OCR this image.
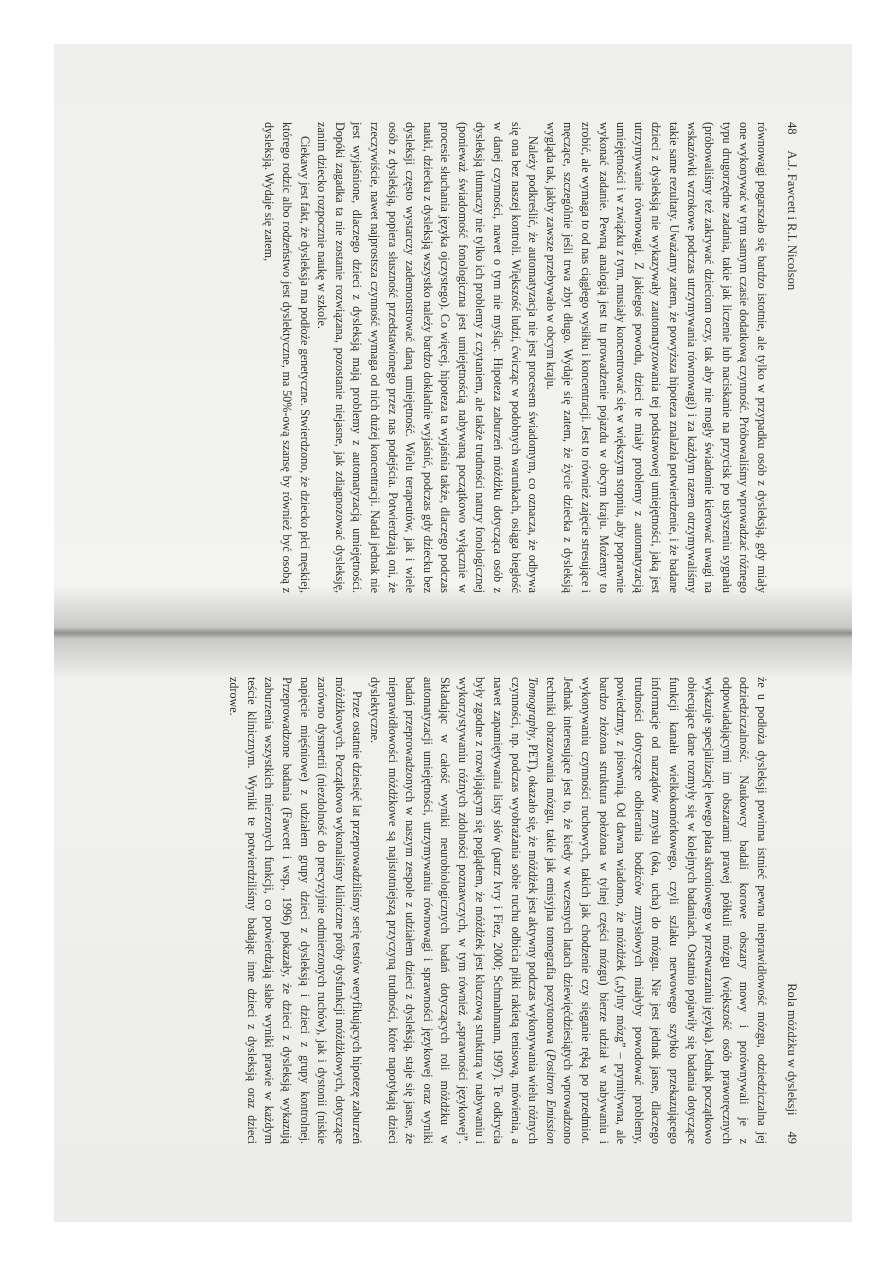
48
A.J. Fawcett i R.I. Nicolson

równowagi pogarszało się bardzo istotnie, ale tylko w przypadku osób z dysleksją, gdy miały one wykonywać w tym samym czasie dodatkową czynność. Próbowaliśmy wprowadzać różnego typu drugorzędne zadania, takie jak liczenie lub naciskanie na przycisk po usłyszeniu sygnału (próbowaliśmy też zakrywać dzieciom oczy, tak aby nie mogły świadomie kierować uwagi na wskazówki wzrokowe podczas utrzymywania równowagi) i za każdym razem otrzymywaliśmy takie same rezultaty. Uważamy zatem, że powyższa hipoteza znalazła potwierdzenie, i że badane dzieci z dysleksją nie wykazywały zautomatyzowania tej podstawowej umiejętności, jaką jest utrzymywanie równowagi. Z jakiegoś powodu, dzieci te miały problemy z automatyzacją umiejętności i w związku z tym, musiały koncentrować się w większym stopniu, aby poprawnie wykonać zadanie. Pewną analogią jest tu prowadzenie pojazdu w obcym kraju. Możemy to zrobić, ale wymaga to od nas ciągłego wysiłku i koncentracji. Jest to również zajęcie stresujące i męczące, szczególnie jeśli trwa zbyt długo. Wydaje się zatem, że życie dziecka z dysleksją wygląda tak, jakby zawsze przebywało w obcym kraju.

Należy podkreślić, że automatyzacja nie jest procesem świadomym, co oznacza, że odbywa się ona bez naszej kontroli. Większość ludzi, ćwicząc w podobnych warunkach, osiąga biegłość w danej czynności, nawet o tym nie myśląc. Hipoteza zaburzeń móżdżku dotycząca osób z dysleksją tłumaczy nie tylko ich problemy z czytaniem, ale także trudności natury fonologicznej (ponieważ świadomość fonologiczna jest umiejętnością nabywaną początkowo wyłącznie w procesie słuchania języka ojczystego). Co więcej, hipoteza ta wyjaśnia także, dlaczego podczas nauki, dziecku z dysleksją wszystko należy bardzo dokładnie wyjaśnić, podczas gdy dziecku bez dysleksji często wystarczy zademonstrować daną umiejętność. Wielu terapeutów, jak i wiele osób z dysleksją, popiera słuszność przedstawionego przez nas podejścia. Potwierdzają oni, że rzeczywiście, nawet najprostsza czynność wymaga od nich dużej koncentracji. Nadal jednak nie jest wyjaśnione, dlaczego dzieci z dysleksją mają problemy z automatyzacją umiejętności. Dopóki zagadka ta nie zostanie rozwiązana, pozostanie niejasne, jak zdiagnozować dysleksję, zanim dziecko rozpocznie naukę w szkole.

Ciekawy jest fakt, że dysleksja ma podłoże genetyczne. Stwierdzono, że dziecko płci męskiej, którego rodzic albo rodzeństwo jest dyslektyczne, ma 50%-ową szansę by również być osobą z dysleksją. Wydaje się zatem,

Rola móżdżku w dysleksji
49

że u podłoża dysleksji powinna istnieć pewna nieprawidłowość mózgu, odziedziczalna jej odziedziczalność. Naukowcy badali korowe obszary mowy i porównywali je z odpowiadającymi im obszarami prawej półkuli mózgu (większość osób praworęcznych wykazuje specjalizację lewego płata skroniowego w przetwarzaniu języka). Jednak początkowo obiecujące dane rozmyły się w kolejnych badaniach. Ostatnio pojawiły się badania dotyczące funkcji kanału wielkokomórkowego, czyli szlaku nerwowego szybko przekazującego informacje od narządów zmysłu (oka, ucha) do mózgu. Nie jest jednak jasne, dlaczego trudności dotyczące odbierania bodźców zmysłowych miałyby powodować problemy, powiedzmy, z pisownią. Od dawna wiadomo, że móżdżek („tylny mózg” – prymitywna, ale bardzo złożona struktura położona w tylnej części mózgu) bierze udział w nabywaniu i wykonywaniu czynności ruchowych, takich jak chodzenie czy sięganie ręką po przedmiot. Jednak interesujące jest to, że kiedy w wczesnych latach dziewięćdziesiątych wprowadzono techniki obrazowania mózgu, takie jak emisyjna tomografia pozytonowa (Positron Emission Tomography, PET), okazało się, że móżdżek jest aktywny podczas wykonywania wielu różnych czynności, np. podczas wyobrażania sobie ruchu odbicia piłki rakietą tenisową, mówienia, a nawet zapamiętywania listy słów (patrz Ivry i Fiez, 2000; Schmahmann, 1997). Te odkrycia były zgodne z rozwijającym się poglądem, że móżdżek jest kluczową strukturą w nabywaniu i wykorzystywaniu różnych zdolności poznawczych, w tym również „sprawności językowej”. Składając w całość wyniki neurobiologicznych badań dotyczących roli móżdżku w automatyzacji umiejętności, utrzymywaniu równowagi i sprawności językowej oraz wyniki badań przeprowadzonych w naszym zespole z udziałem dzieci z dysleksją, staje się jasne, że nieprawidłowości móżdżkowe są najistotniejszą przyczyną trudności, które napotykają dzieci dyslektyczne.

Przez ostatnie dziesięć lat przeprowadziliśmy serię testów weryfikujących hipotezę zaburzeń móżdżkowych. Początkowo wykonaliśmy kliniczne próby dysfunkcji móżdżkowych, dotyczące zarówno dysmetrii (niezdolność do precyzyjnie odmierzonych ruchów), jak i dystonii (niskie napięcie mięśniowe) z udziałem grupy dzieci z dysleksją i dzieci z grupy kontrolnej. Przeprowadzone badania (Fawcett i wsp., 1996) pokazały, że dzieci z dysleksją wykazują zaburzenia wszystkich mierzonych funkcji, co potwierdzają słabe wyniki prawie w każdym teście klinicznym. Wyniki te potwierdziliśmy badając inne dzieci z dysleksją oraz dzieci zdrowe.
